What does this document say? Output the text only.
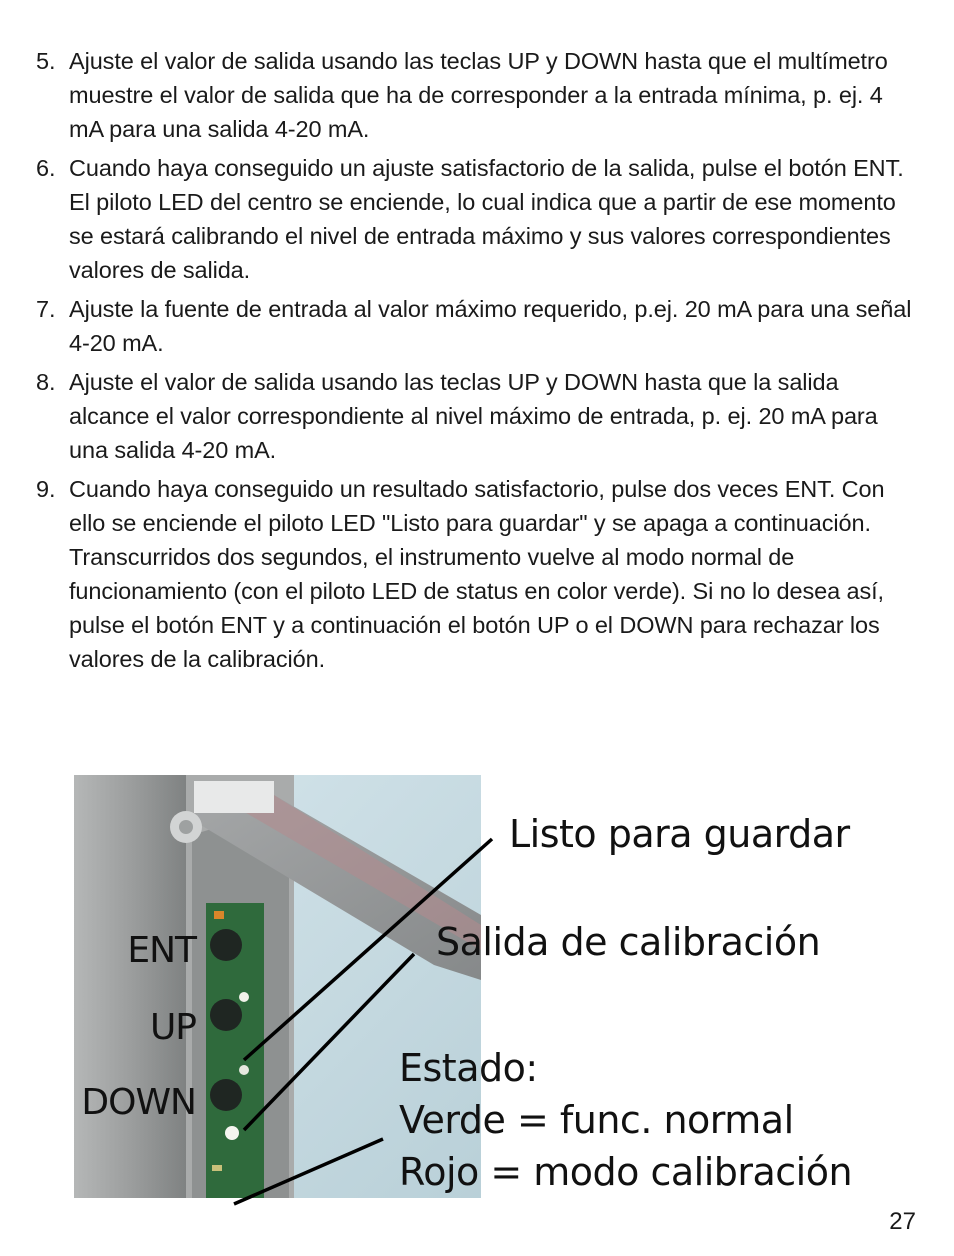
5. Ajuste el valor de salida usando las teclas UP y DOWN hasta que el multímetro muestre el valor de salida que ha de corresponder a la entrada mínima, p. ej. 4 mA para una salida 4-20 mA.
6. Cuando haya conseguido un ajuste satisfactorio de la salida, pulse el botón ENT. El piloto LED del centro se enciende, lo cual indica que a partir de ese momento se estará calibrando el nivel de entrada máximo y sus valores correspondientes valores de salida.
7. Ajuste la fuente de entrada al valor máximo requerido, p.ej. 20 mA para una señal 4-20 mA.
8. Ajuste el valor de salida usando las teclas UP y DOWN hasta que la salida alcance el valor correspondiente al nivel máximo de entrada, p. ej. 20 mA para una salida 4-20 mA.
9. Cuando haya conseguido un resultado satisfactorio, pulse dos veces ENT. Con ello se enciende el piloto LED "Listo para guardar" y se apaga a continuación. Transcurridos dos segundos, el instrumento vuelve al modo normal de funcionamiento (con el piloto LED de status en color verde). Si no lo desea así, pulse el botón ENT y a continuación el botón UP o el DOWN para rechazar los valores de la calibración.
Listo para guardar
Salida de calibración
Estado:
Verde = func. normal
Rojo = modo calibración
ENT
UP
DOWN
27
